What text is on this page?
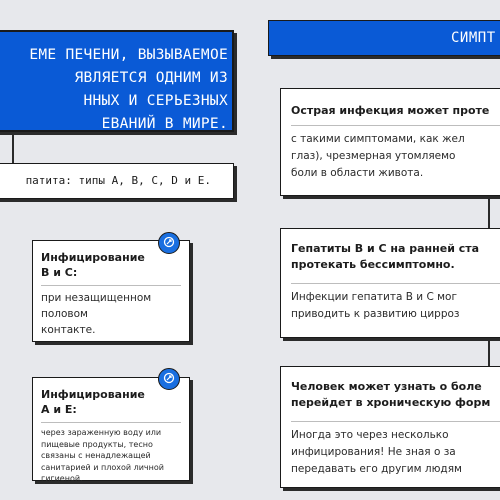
ЕМЕ ПЕЧЕНИ, ВЫЗЫВАЕМОЕ
ЯВЛЯЕТСЯ ОДНИМ ИЗ
ННЫХ И СЕРЬЕЗНЫХ
ЕВАНИЙ В МИРЕ.
патита: типы A, B, C, D и E.
Инфицирование
B и C:
при незащищенном
половом
контакте.
Инфицирование
A и E:
через зараженную воду или
пищевые продукты, тесно
связаны с ненадлежащей
санитарией и плохой личной
гигиеной.
СИМПТ
Острая инфекция может проте
с такими симптомами, как жел
глаз), чрезмерная утомляемо
боли в области живота.
Гепатиты B и C на ранней ста
протекать бессимптомно.
Инфекции гепатита B и C мог
приводить к развитию цирроз
Человек может узнать о боле
перейдет в хроническую форм
Иногда это через несколько
инфицирования! Не зная о за
передавать его другим людям
